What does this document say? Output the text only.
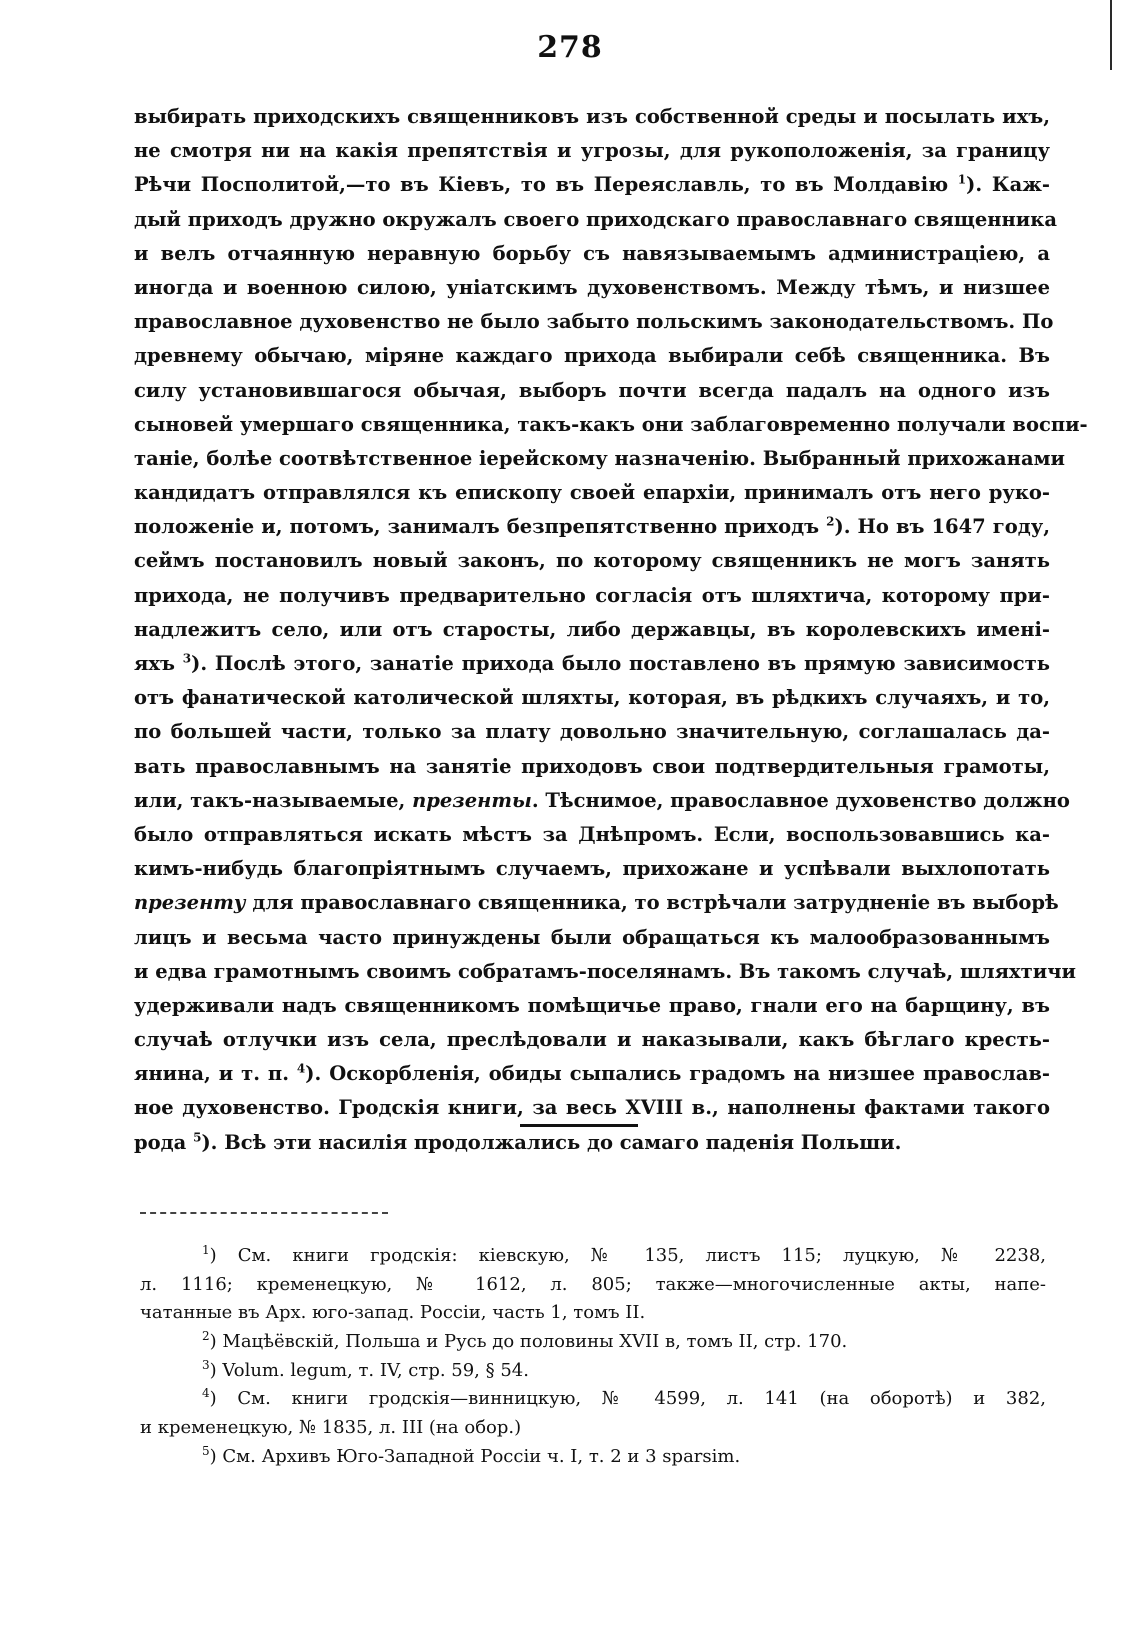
278
выбирать приходскихъ священниковъ изъ собственной среды и посылать ихъ,
не смотря ни на какія препятствія и угрозы, для рукоположенія, за границу
Рѣчи Посполитой,—то въ Кіевъ, то въ Переяславль, то въ Молдавію $^1$). Каж-
дый приходъ дружно окружалъ своего приходскаго православнаго священника
и велъ отчаянную неравную борьбу съ навязываемымъ администраціею, а
иногда и военною силою, уніатскимъ духовенствомъ. Между тѣмъ, и низшее
православное духовенство не было забыто польскимъ законодательствомъ. По
древнему обычаю, міряне каждаго прихода выбирали себѣ священника. Въ
силу установившагося обычая, выборъ почти всегда падалъ на одного изъ
сыновей умершаго священника, такъ-какъ они заблаговременно получали воспи-
таніе, болѣе соотвѣтственное іерейскому назначенію. Выбранный прихожанами
кандидатъ отправлялся къ епископу своей епархіи, принималъ отъ него руко-
положеніе и, потомъ, занималъ безпрепятственно приходъ $^2$). Но въ 1647 году,
сеймъ постановилъ новый законъ, по которому священникъ не могъ занять
прихода, не получивъ предварительно согласія отъ шляхтича, которому при-
надлежитъ село, или отъ старосты, либо державцы, въ королевскихъ имені-
яхъ $^3$). Послѣ этого, занатіе прихода было поставлено въ прямую зависимость
отъ фанатической католической шляхты, которая, въ рѣдкихъ случаяхъ, и то,
по большей части, только за плату довольно значительную, соглашалась да-
вать православнымъ на занятіе приходовъ свои подтвердительныя грамоты,
или, такъ-называемые, презенты. Тѣснимое, православное духовенство должно
было отправляться искать мѣстъ за Днѣпромъ. Если, воспользовавшись ка-
кимъ-нибудь благопріятнымъ случаемъ, прихожане и успѣвали выхлопотать
презенту для православнаго священника, то встрѣчали затрудненіе въ выборѣ
лицъ и весьма часто принуждены были обращаться къ малообразованнымъ
и едва грамотнымъ своимъ собратамъ-поселянамъ. Въ такомъ случаѣ, шляхтичи
удерживали надъ священникомъ помѣщичье право, гнали его на барщину, въ
случаѣ отлучки изъ села, преслѣдовали и наказывали, какъ бѣглаго кресть-
янина, и т. п. $^4$). Оскорбленія, обиды сыпались градомъ на низшее православ-
ное духовенство. Гродскія книги, за весь XVIII в., наполнены фактами такого
рода $^5$). Всѣ эти насилія продолжались до самаго паденія Польши.
$^1$) См. книги гродскія: кіевскую, № 135, листъ 115; луцкую, № 2238,
л. 1116; кременецкую, № 1612, л. 805; также—многочисленные акты, напе-
чатанные въ Арх. юго-запад. Россіи, часть 1, томъ II.
$^2$) Мацѣёвскій, Польша и Русь до половины XVII в, томъ II, стр. 170.
$^3$) Volum. legum, т. IV, стр. 59, § 54.
$^4$) См. книги гродскія—винницкую, № 4599, л. 141 (на оборотѣ) и 382,
и кременецкую, № 1835, л. III (на обор.)
$^5$) См. Архивъ Юго-Западной Россіи ч. I, т. 2 и 3 sparsim.
